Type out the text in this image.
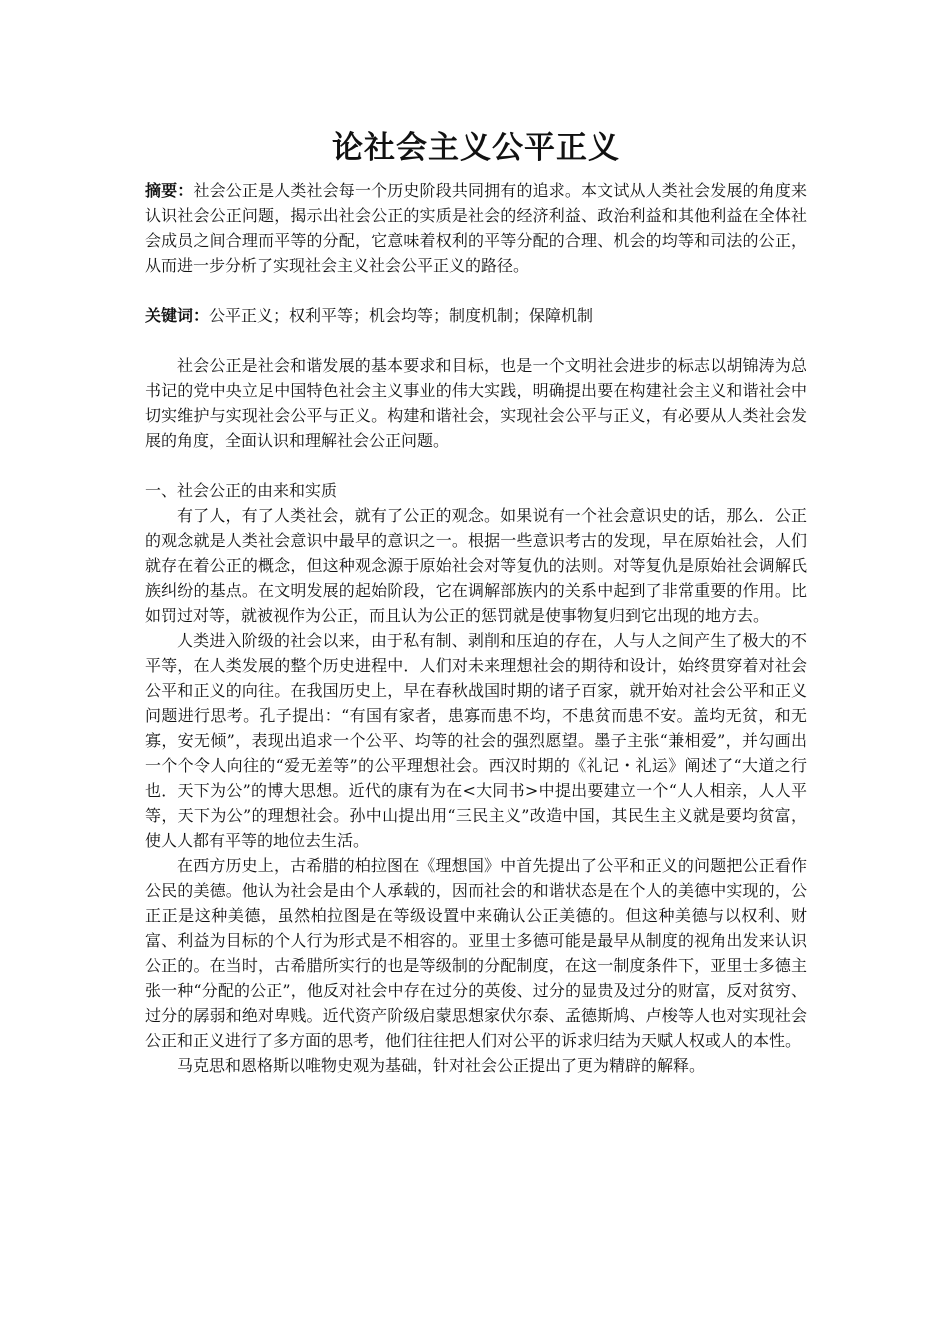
论社会主义公平正义

摘要：社会公正是人类社会每一个历史阶段共同拥有的追求。本文试从人类社会发展的角度来认识社会公正问题，揭示出社会公正的实质是社会的经济利益、政治利益和其他利益在全体社会成员之间合理而平等的分配，它意味着权利的平等分配的合理、机会的均等和司法的公正，从而进一步分析了实现社会主义社会公平正义的路径。

关键词：公平正义；权利平等；机会均等；制度机制；保障机制

社会公正是社会和谐发展的基本要求和目标，也是一个文明社会进步的标志以胡锦涛为总书记的党中央立足中国特色社会主义事业的伟大实践，明确提出要在构建社会主义和谐社会中切实维护与实现社会公平与正义。构建和谐社会，实现社会公平与正义，有必要从人类社会发展的角度，全面认识和理解社会公正问题。

一、社会公正的由来和实质

有了人，有了人类社会，就有了公正的观念。如果说有一个社会意识史的话，那么．公正的观念就是人类社会意识中最早的意识之一。根据一些意识考古的发现，早在原始社会，人们就存在着公正的概念，但这种观念源于原始社会对等复仇的法则。对等复仇是原始社会调解氏族纠纷的基点。在文明发展的起始阶段，它在调解部族内的关系中起到了非常重要的作用。比如罚过对等，就被视作为公正，而且认为公正的惩罚就是使事物复归到它出现的地方去。

人类进入阶级的社会以来，由于私有制、剥削和压迫的存在，人与人之间产生了极大的不平等，在人类发展的整个历史进程中．人们对未来理想社会的期待和设计，始终贯穿着对社会公平和正义的向往。在我国历史上，早在春秋战国时期的诸子百家，就开始对社会公平和正义问题进行思考。孔子提出：“有国有家者，患寡而患不均，不患贫而患不安。盖均无贫，和无寡，安无倾”，表现出追求一个公平、均等的社会的强烈愿望。墨子主张“兼相爱”，并勾画出一个个令人向往的“爱无差等”的公平理想社会。西汉时期的《礼记・礼运》阐述了“大道之行也．天下为公”的博大思想。近代的康有为在<大同书>中提出要建立一个“人人相亲，人人平等，天下为公”的理想社会。孙中山提出用“三民主义”改造中国，其民生主义就是要均贫富，使人人都有平等的地位去生活。

在西方历史上，古希腊的柏拉图在《理想国》中首先提出了公平和正义的问题把公正看作公民的美德。他认为社会是由个人承载的，因而社会的和谐状态是在个人的美德中实现的，公正正是这种美德，虽然柏拉图是在等级设置中来确认公正美德的。但这种美德与以权利、财富、利益为目标的个人行为形式是不相容的。亚里士多德可能是最早从制度的视角出发来认识公正的。在当时，古希腊所实行的也是等级制的分配制度，在这一制度条件下，亚里士多德主张一种“分配的公正”，他反对社会中存在过分的英俊、过分的显贵及过分的财富，反对贫穷、过分的孱弱和绝对卑贱。近代资产阶级启蒙思想家伏尔泰、孟德斯鸠、卢梭等人也对实现社会公正和正义进行了多方面的思考，他们往往把人们对公平的诉求归结为天赋人权或人的本性。

马克思和恩格斯以唯物史观为基础，针对社会公正提出了更为精辟的解释。
